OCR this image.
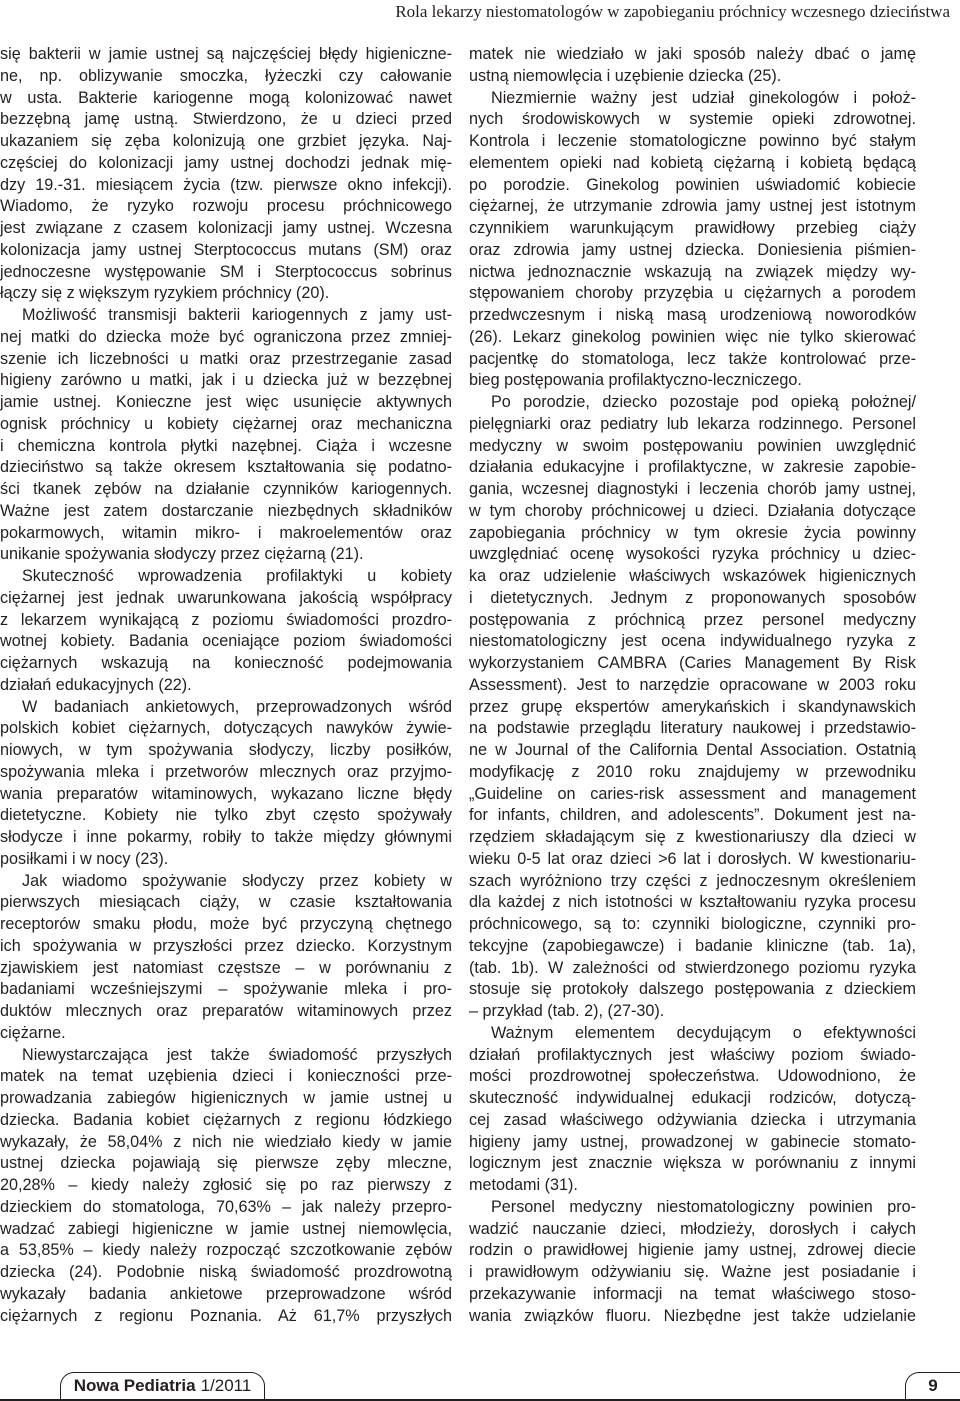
Rola lekarzy niestomatologów w zapobieganiu próchnicy wczesnego dzieciństwa
się bakterii w jamie ustnej są najczęściej błędy higieniczne-
ne, np. oblizywanie smoczka, łyżeczki czy całowanie
w usta. Bakterie kariogenne mogą kolonizować nawet
bezzębną jamę ustną. Stwierdzono, że u dzieci przed
ukazaniem się zęba kolonizują one grzbiet języka. Naj-
częściej do kolonizacji jamy ustnej dochodzi jednak mię-
dzy 19.-31. miesiącem życia (tzw. pierwsze okno infekcji).
Wiadomo, że ryzyko rozwoju procesu próchnicowego
jest związane z czasem kolonizacji jamy ustnej. Wczesna
kolonizacja jamy ustnej Sterptococcus mutans (SM) oraz
jednoczesne występowanie SM i Sterptococcus sobrinus
łączy się z większym ryzykiem próchnicy (20).
Możliwość transmisji bakterii kariogennych z jamy ust-
nej matki do dziecka może być ograniczona przez zmniej-
szenie ich liczebności u matki oraz przestrzeganie zasad
higieny zarówno u matki, jak i u dziecka już w bezzębnej
jamie ustnej. Konieczne jest więc usunięcie aktywnych
ognisk próchnicy u kobiety ciężarnej oraz mechaniczna
i chemiczna kontrola płytki nazębnej. Ciąża i wczesne
dzieciństwo są także okresem kształtowania się podatno-
ści tkanek zębów na działanie czynników kariogennych.
Ważne jest zatem dostarczanie niezbędnych składników
pokarmowych, witamin mikro- i makroelementów oraz
unikanie spożywania słodyczy przez ciężarną (21).
Skuteczność wprowadzenia profilaktyki u kobiety
ciężarnej jest jednak uwarunkowana jakością współpracy
z lekarzem wynikającą z poziomu świadomości prozdro-
wotnej kobiety. Badania oceniające poziom świadomości
ciężarnych wskazują na konieczność podejmowania
działań edukacyjnych (22).
W badaniach ankietowych, przeprowadzonych wśród
polskich kobiet ciężarnych, dotyczących nawyków żywie-
niowych, w tym spożywania słodyczy, liczby posiłków,
spożywania mleka i przetworów mlecznych oraz przyjmo-
wania preparatów witaminowych, wykazano liczne błędy
dietetyczne. Kobiety nie tylko zbyt często spożywały
słodycze i inne pokarmy, robiły to także między głównymi
posiłkami i w nocy (23).
Jak wiadomo spożywanie słodyczy przez kobiety w
pierwszych miesiącach ciąży, w czasie kształtowania
receptorów smaku płodu, może być przyczyną chętnego
ich spożywania w przyszłości przez dziecko. Korzystnym
zjawiskiem jest natomiast częstsze – w porównaniu z
badaniami wcześniejszymi – spożywanie mleka i pro-
duktów mlecznych oraz preparatów witaminowych przez
ciężarne.
Niewystarczająca jest także świadomość przyszłych
matek na temat uzębienia dzieci i konieczności prze-
prowadzania zabiegów higienicznych w jamie ustnej u
dziecka. Badania kobiet ciężarnych z regionu łódzkiego
wykazały, że 58,04% z nich nie wiedziało kiedy w jamie
ustnej dziecka pojawiają się pierwsze zęby mleczne,
20,28% – kiedy należy zgłosić się po raz pierwszy z
dzieckiem do stomatologa, 70,63% – jak należy przepro-
wadzać zabiegi higieniczne w jamie ustnej niemowlęcia,
a 53,85% – kiedy należy rozpocząć szczotkowanie zębów
dziecka (24). Podobnie niską świadomość prozdrowotną
wykazały badania ankietowe przeprowadzone wśród
ciężarnych z regionu Poznania. Aż 61,7% przyszłych
matek nie wiedziało w jaki sposób należy dbać o jamę
ustną niemowlęcia i uzębienie dziecka (25).
Niezmiernie ważny jest udział ginekologów i położ-
nych środowiskowych w systemie opieki zdrowotnej.
Kontrola i leczenie stomatologiczne powinno być stałym
elementem opieki nad kobietą ciężarną i kobietą będącą
po porodzie. Ginekolog powinien uświadomić kobiecie
ciężarnej, że utrzymanie zdrowia jamy ustnej jest istotnym
czynnikiem warunkującym prawidłowy przebieg ciąży
oraz zdrowia jamy ustnej dziecka. Doniesienia piśmien-
nictwa jednoznacznie wskazują na związek między wy-
stępowaniem choroby przyzębia u ciężarnych a porodem
przedwczesnym i niską masą urodzeniową noworodków
(26). Lekarz ginekolog powinien więc nie tylko skierować
pacjentkę do stomatologa, lecz także kontrolować prze-
bieg postępowania profilaktyczno-leczniczego.
Po porodzie, dziecko pozostaje pod opieką położnej/
pielęgniarki oraz pediatry lub lekarza rodzinnego. Personel
medyczny w swoim postępowaniu powinien uwzględnić
działania edukacyjne i profilaktyczne, w zakresie zapobie-
gania, wczesnej diagnostyki i leczenia chorób jamy ustnej,
w tym choroby próchnicowej u dzieci. Działania dotyczące
zapobiegania próchnicy w tym okresie życia powinny
uwzględniać ocenę wysokości ryzyka próchnicy u dziec-
ka oraz udzielenie właściwych wskazówek higienicznych
i dietetycznych. Jednym z proponowanych sposobów
postępowania z próchnicą przez personel medyczny
niestomatologiczny jest ocena indywidualnego ryzyka z
wykorzystaniem CAMBRA (Caries Management By Risk
Assessment). Jest to narzędzie opracowane w 2003 roku
przez grupę ekspertów amerykańskich i skandynawskich
na podstawie przeglądu literatury naukowej i przedstawio-
ne w Journal of the California Dental Association. Ostatnią
modyfikację z 2010 roku znajdujemy w przewodniku
„Guideline on caries-risk assessment and management
for infants, children, and adolescents”. Dokument jest na-
rzędziem składającym się z kwestionariuszy dla dzieci w
wieku 0-5 lat oraz dzieci >6 lat i dorosłych. W kwestionariu-
szach wyróżniono trzy części z jednoczesnym określeniem
dla każdej z nich istotności w kształtowaniu ryzyka procesu
próchnicowego, są to: czynniki biologiczne, czynniki pro-
tekcyjne (zapobiegawcze) i badanie kliniczne (tab. 1a),
(tab. 1b). W zależności od stwierdzonego poziomu ryzyka
stosuje się protokoły dalszego postępowania z dzieckiem
– przykład (tab. 2), (27-30).
Ważnym elementem decydującym o efektywności
działań profilaktycznych jest właściwy poziom świado-
mości prozdrowotnej społeczeństwa. Udowodniono, że
skuteczność indywidualnej edukacji rodziców, dotyczą-
cej zasad właściwego odżywiania dziecka i utrzymania
higieny jamy ustnej, prowadzonej w gabinecie stomato-
logicznym jest znacznie większa w porównaniu z innymi
metodami (31).
Personel medyczny niestomatologiczny powinien pro-
wadzić nauczanie dzieci, młodzieży, dorosłych i całych
rodzin o prawidłowej higienie jamy ustnej, zdrowej diecie
i prawidłowym odżywianiu się. Ważne jest posiadanie i
przekazywanie informacji na temat właściwego stoso-
wania związków fluoru. Niezbędne jest także udzielanie
Nowa Pediatria 1/2011	9
